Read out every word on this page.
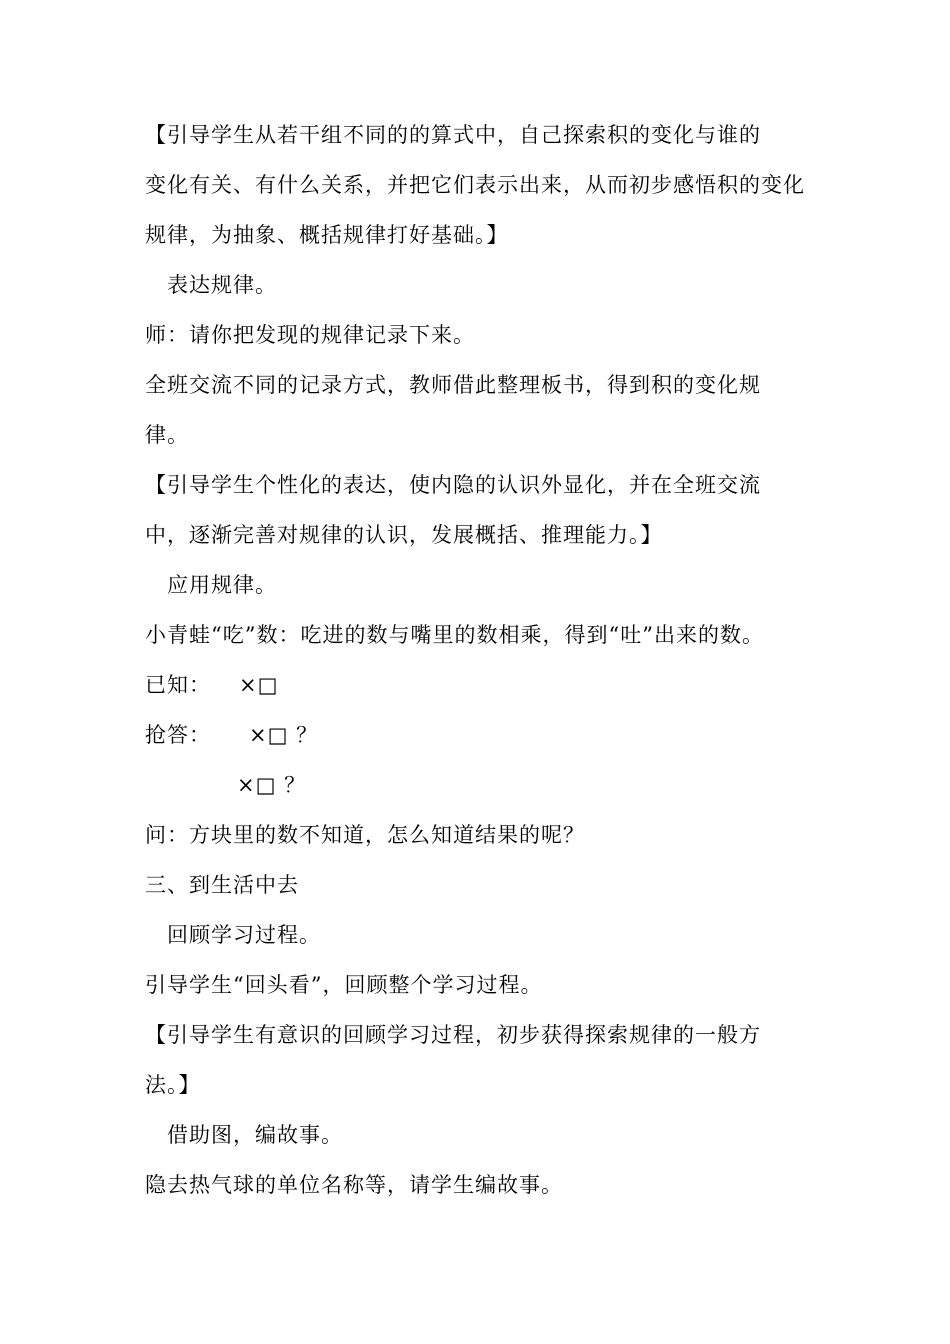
【引导学生从若干组不同的的算式中，自己探索积的变化与谁的
变化有关、有什么关系，并把它们表示出来，从而初步感悟积的变化
规律，为抽象、概括规律打好基础。】
表达规律。
师：请你把发现的规律记录下来。
全班交流不同的记录方式，教师借此整理板书，得到积的变化规
律。
【引导学生个性化的表达，使内隐的认识外显化，并在全班交流
中，逐渐完善对规律的认识，发展概括、推理能力。】
应用规律。
小青蛙“吃”数：吃进的数与嘴里的数相乘，得到“吐”出来的数。
已知： ×□
抢答： ×□ ？
×□ ？
问：方块里的数不知道，怎么知道结果的呢？
三、到生活中去
回顾学习过程。
引导学生“回头看”，回顾整个学习过程。
【引导学生有意识的回顾学习过程，初步获得探索规律的一般方
法。】
借助图，编故事。
隐去热气球的单位名称等，请学生编故事。
